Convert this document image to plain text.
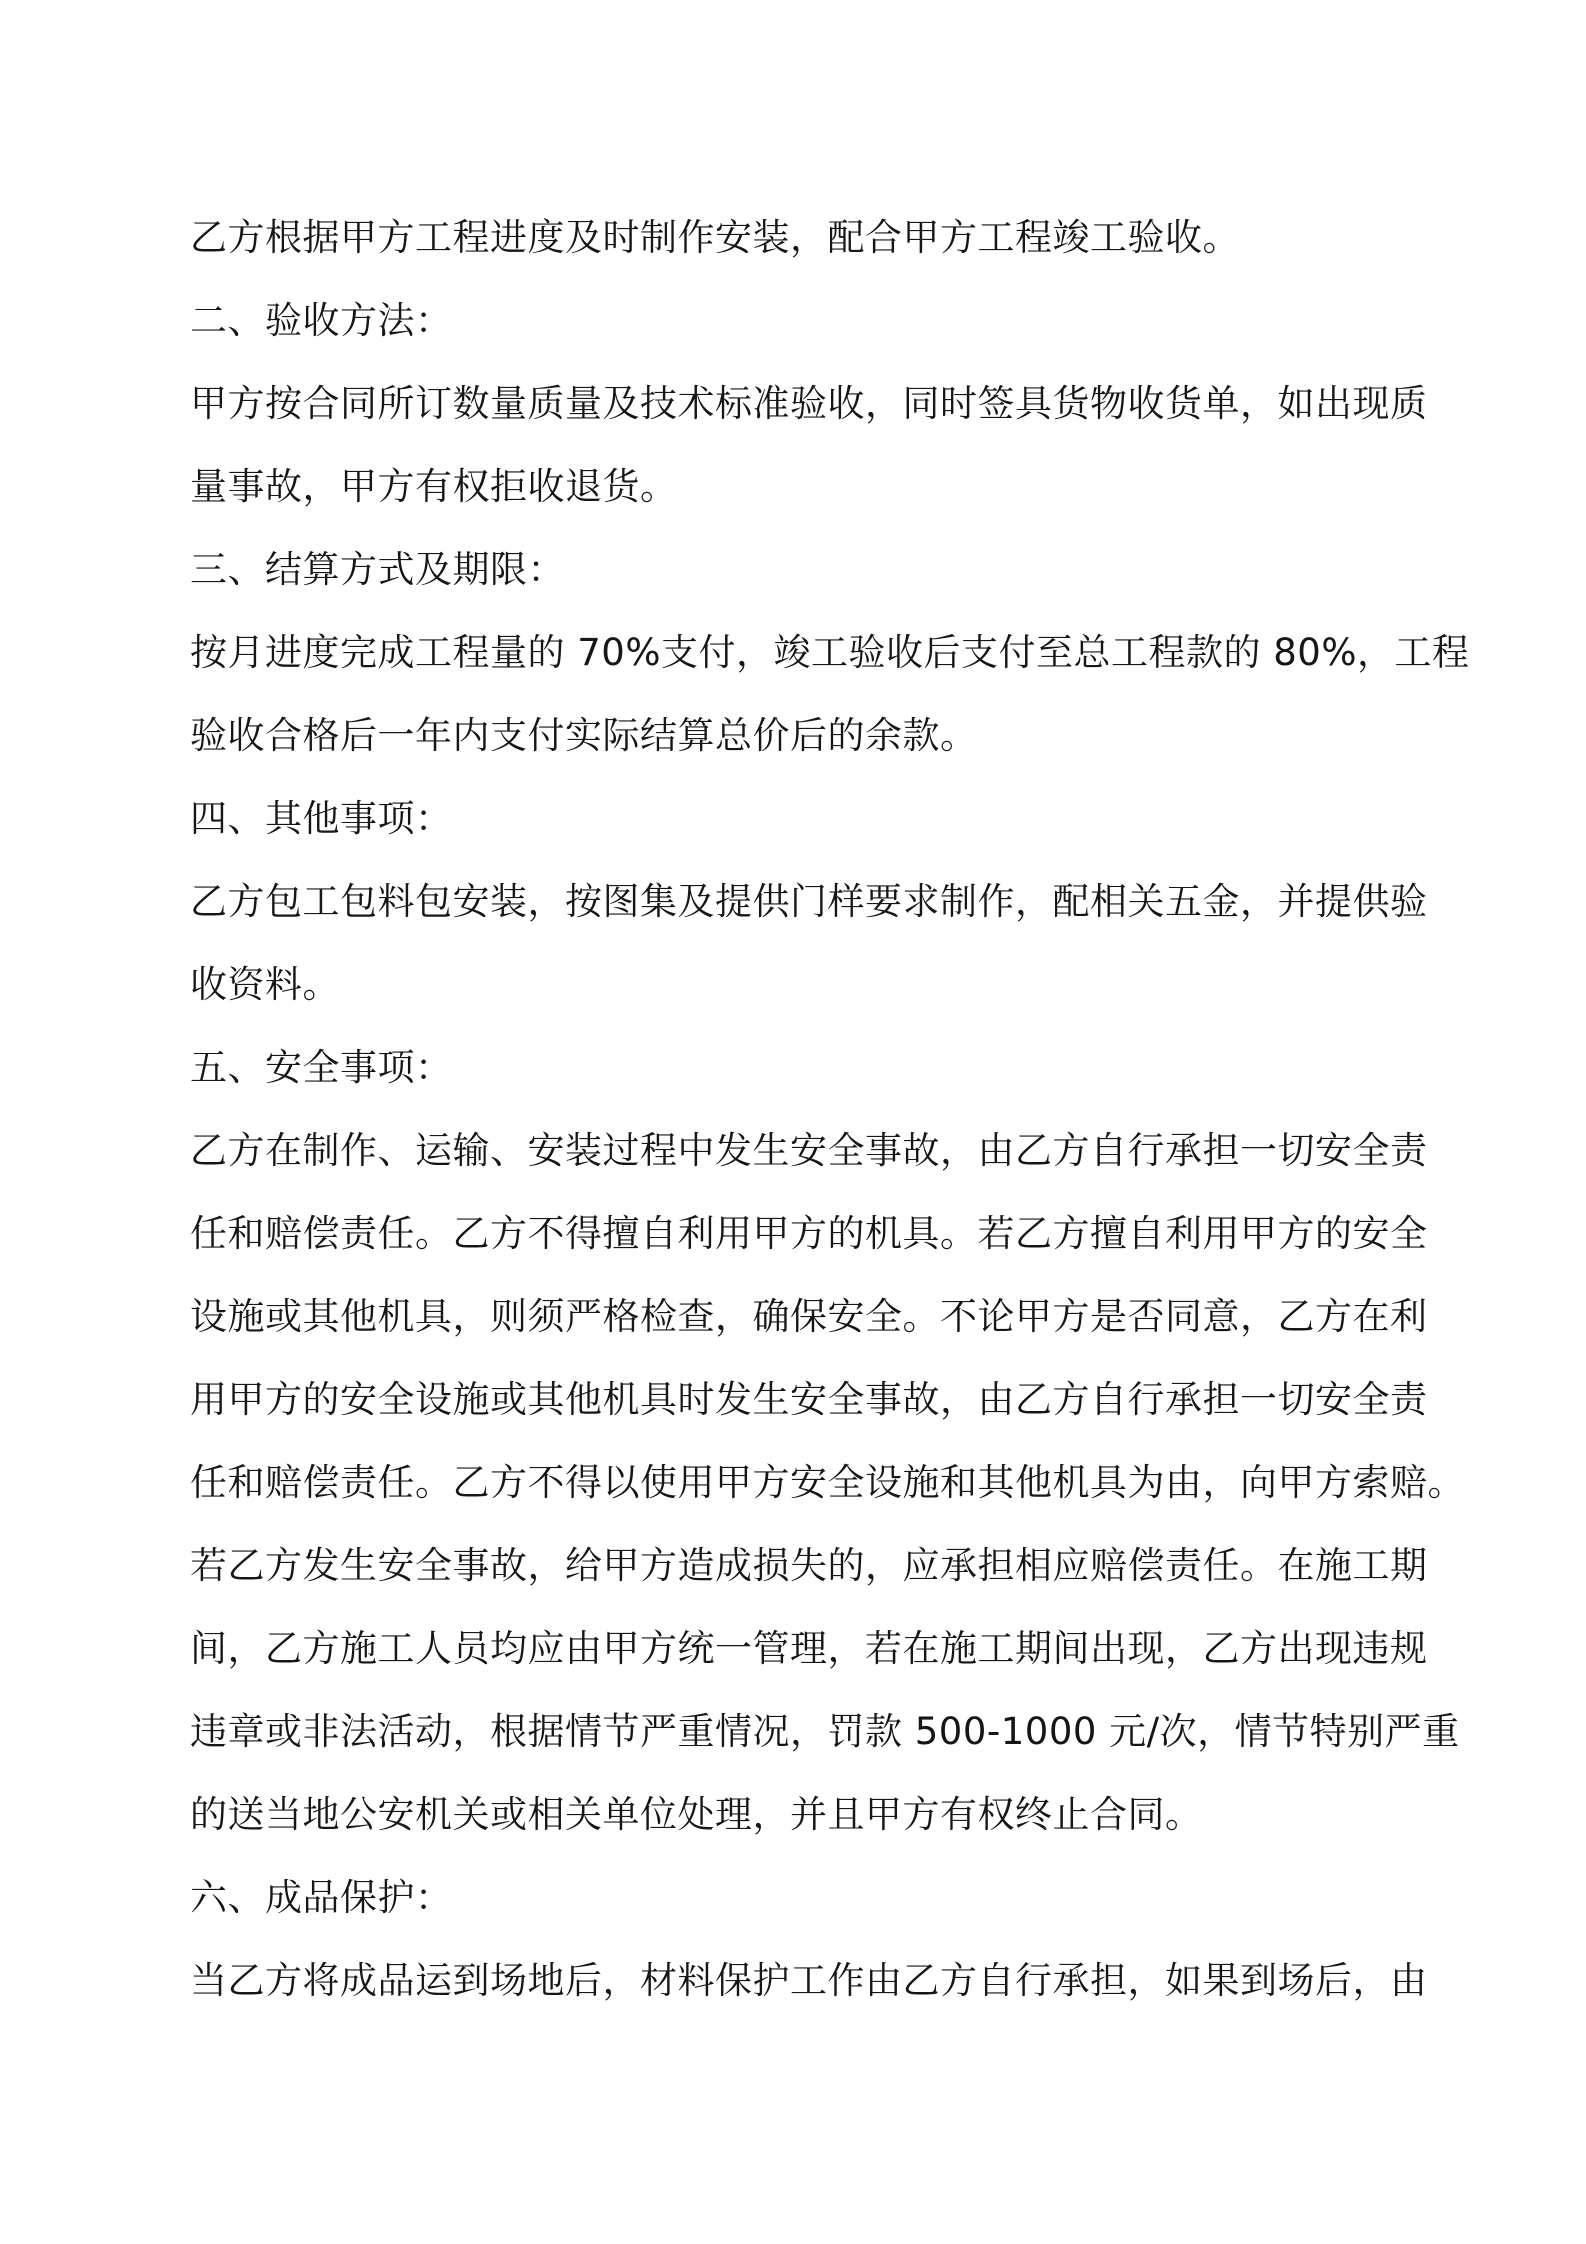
乙方根据甲方工程进度及时制作安装，配合甲方工程竣工验收。
二、验收方法：
甲方按合同所订数量质量及技术标准验收，同时签具货物收货单，如出现质
量事故，甲方有权拒收退货。
三、结算方式及期限：
按月进度完成工程量的 70%支付，竣工验收后支付至总工程款的 80%，工程
验收合格后一年内支付实际结算总价后的余款。
四、其他事项：
乙方包工包料包安装，按图集及提供门样要求制作，配相关五金，并提供验
收资料。
五、安全事项：
乙方在制作、运输、安装过程中发生安全事故，由乙方自行承担一切安全责
任和赔偿责任。乙方不得擅自利用甲方的机具。若乙方擅自利用甲方的安全
设施或其他机具，则须严格检查，确保安全。不论甲方是否同意，乙方在利
用甲方的安全设施或其他机具时发生安全事故，由乙方自行承担一切安全责
任和赔偿责任。乙方不得以使用甲方安全设施和其他机具为由，向甲方索赔。
若乙方发生安全事故，给甲方造成损失的，应承担相应赔偿责任。在施工期
间，乙方施工人员均应由甲方统一管理，若在施工期间出现，乙方出现违规
违章或非法活动，根据情节严重情况，罚款 500-1000 元/次，情节特别严重
的送当地公安机关或相关单位处理，并且甲方有权终止合同。
六、成品保护：
当乙方将成品运到场地后，材料保护工作由乙方自行承担，如果到场后，由
